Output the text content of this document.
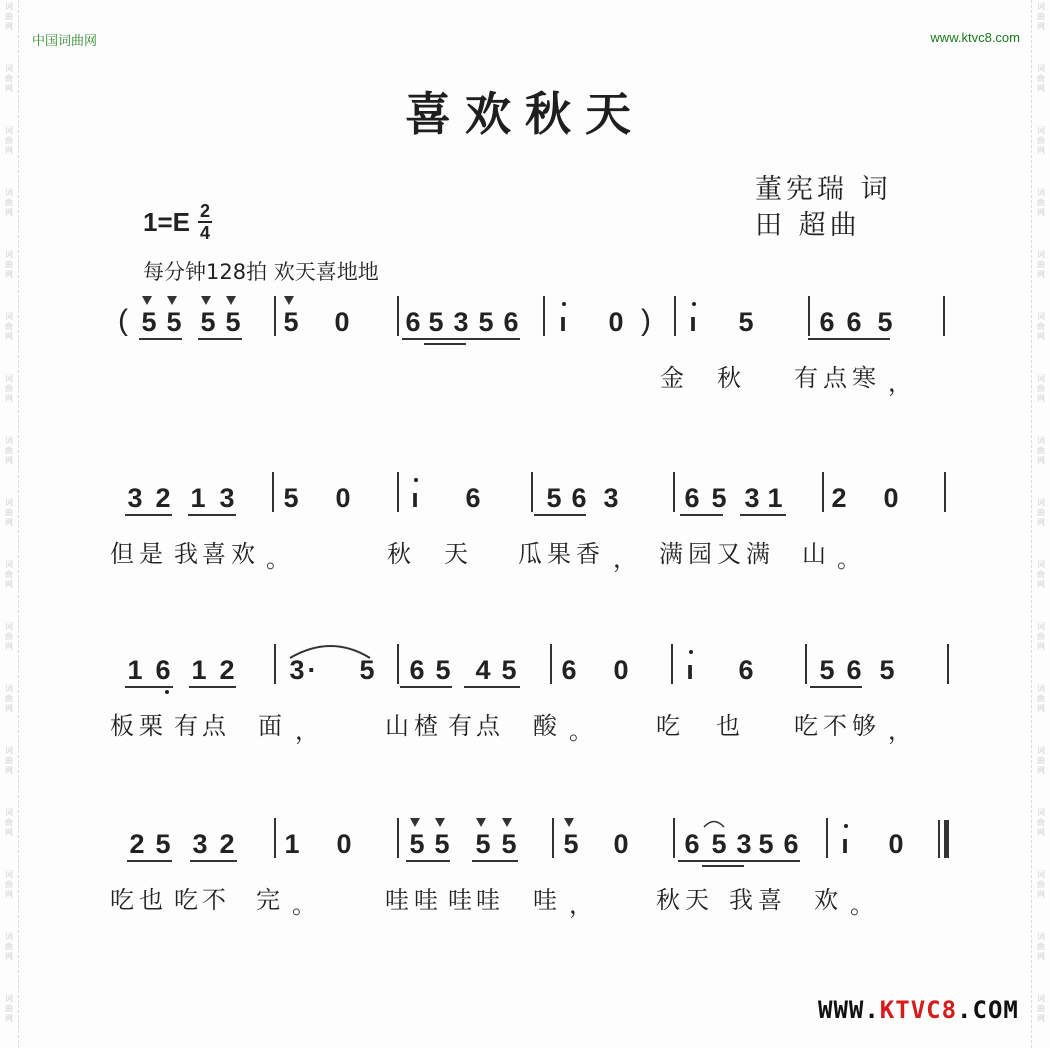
词
曲
网
词
曲
网
词
曲
网
词
曲
网
词
曲
网
词
曲
网
词
曲
网
词
曲
网
词
曲
网
词
曲
网
词
曲
网
词
曲
网
词
曲
网
词
曲
网
词
曲
网
词
曲
网
词
曲
网
词
曲
网
词
曲
网
词
曲
网
词
曲
网
词
曲
网
词
曲
网
词
曲
网
词
曲
网
词
曲
网
词
曲
网
词
曲
网
词
曲
网
词
曲
网
词
曲
网
词
曲
网
词
曲
网
词
曲
网
中国词曲网	www.ktvc8.com
喜欢秋天
董宪瑞 词
田 超曲
$1=E \frac{2}{4}$
每分钟128拍 欢天喜地地
( 5 5 5 5 5 0 6 5 3 5 6	ı	0 )	ı	5 6 6 5
3 2 1 3 5 0	ı	6 5 6 3 6 5 3 1 2 0
1 6 1 2 3 ·	5 6 5 4 5 6 0	ı	6 5 6 5
2 5 3 2 1 0 5 5 5 5 5 0 6 5 3 5 6	ı	0
金 秋 有 点 寒 ，
但 是 我 喜 欢 。	秋 天 瓜 果 香 ， 满 园 又 满 山 。
板 栗 有 点 面 ，	山 楂 有 点 酸 。	吃 也 吃 不 够 ，
吃 也 吃 不 完 。	哇 哇 哇 哇 哇 ，	秋 天 我 喜 欢 。
WWW.KTVC8.COM
